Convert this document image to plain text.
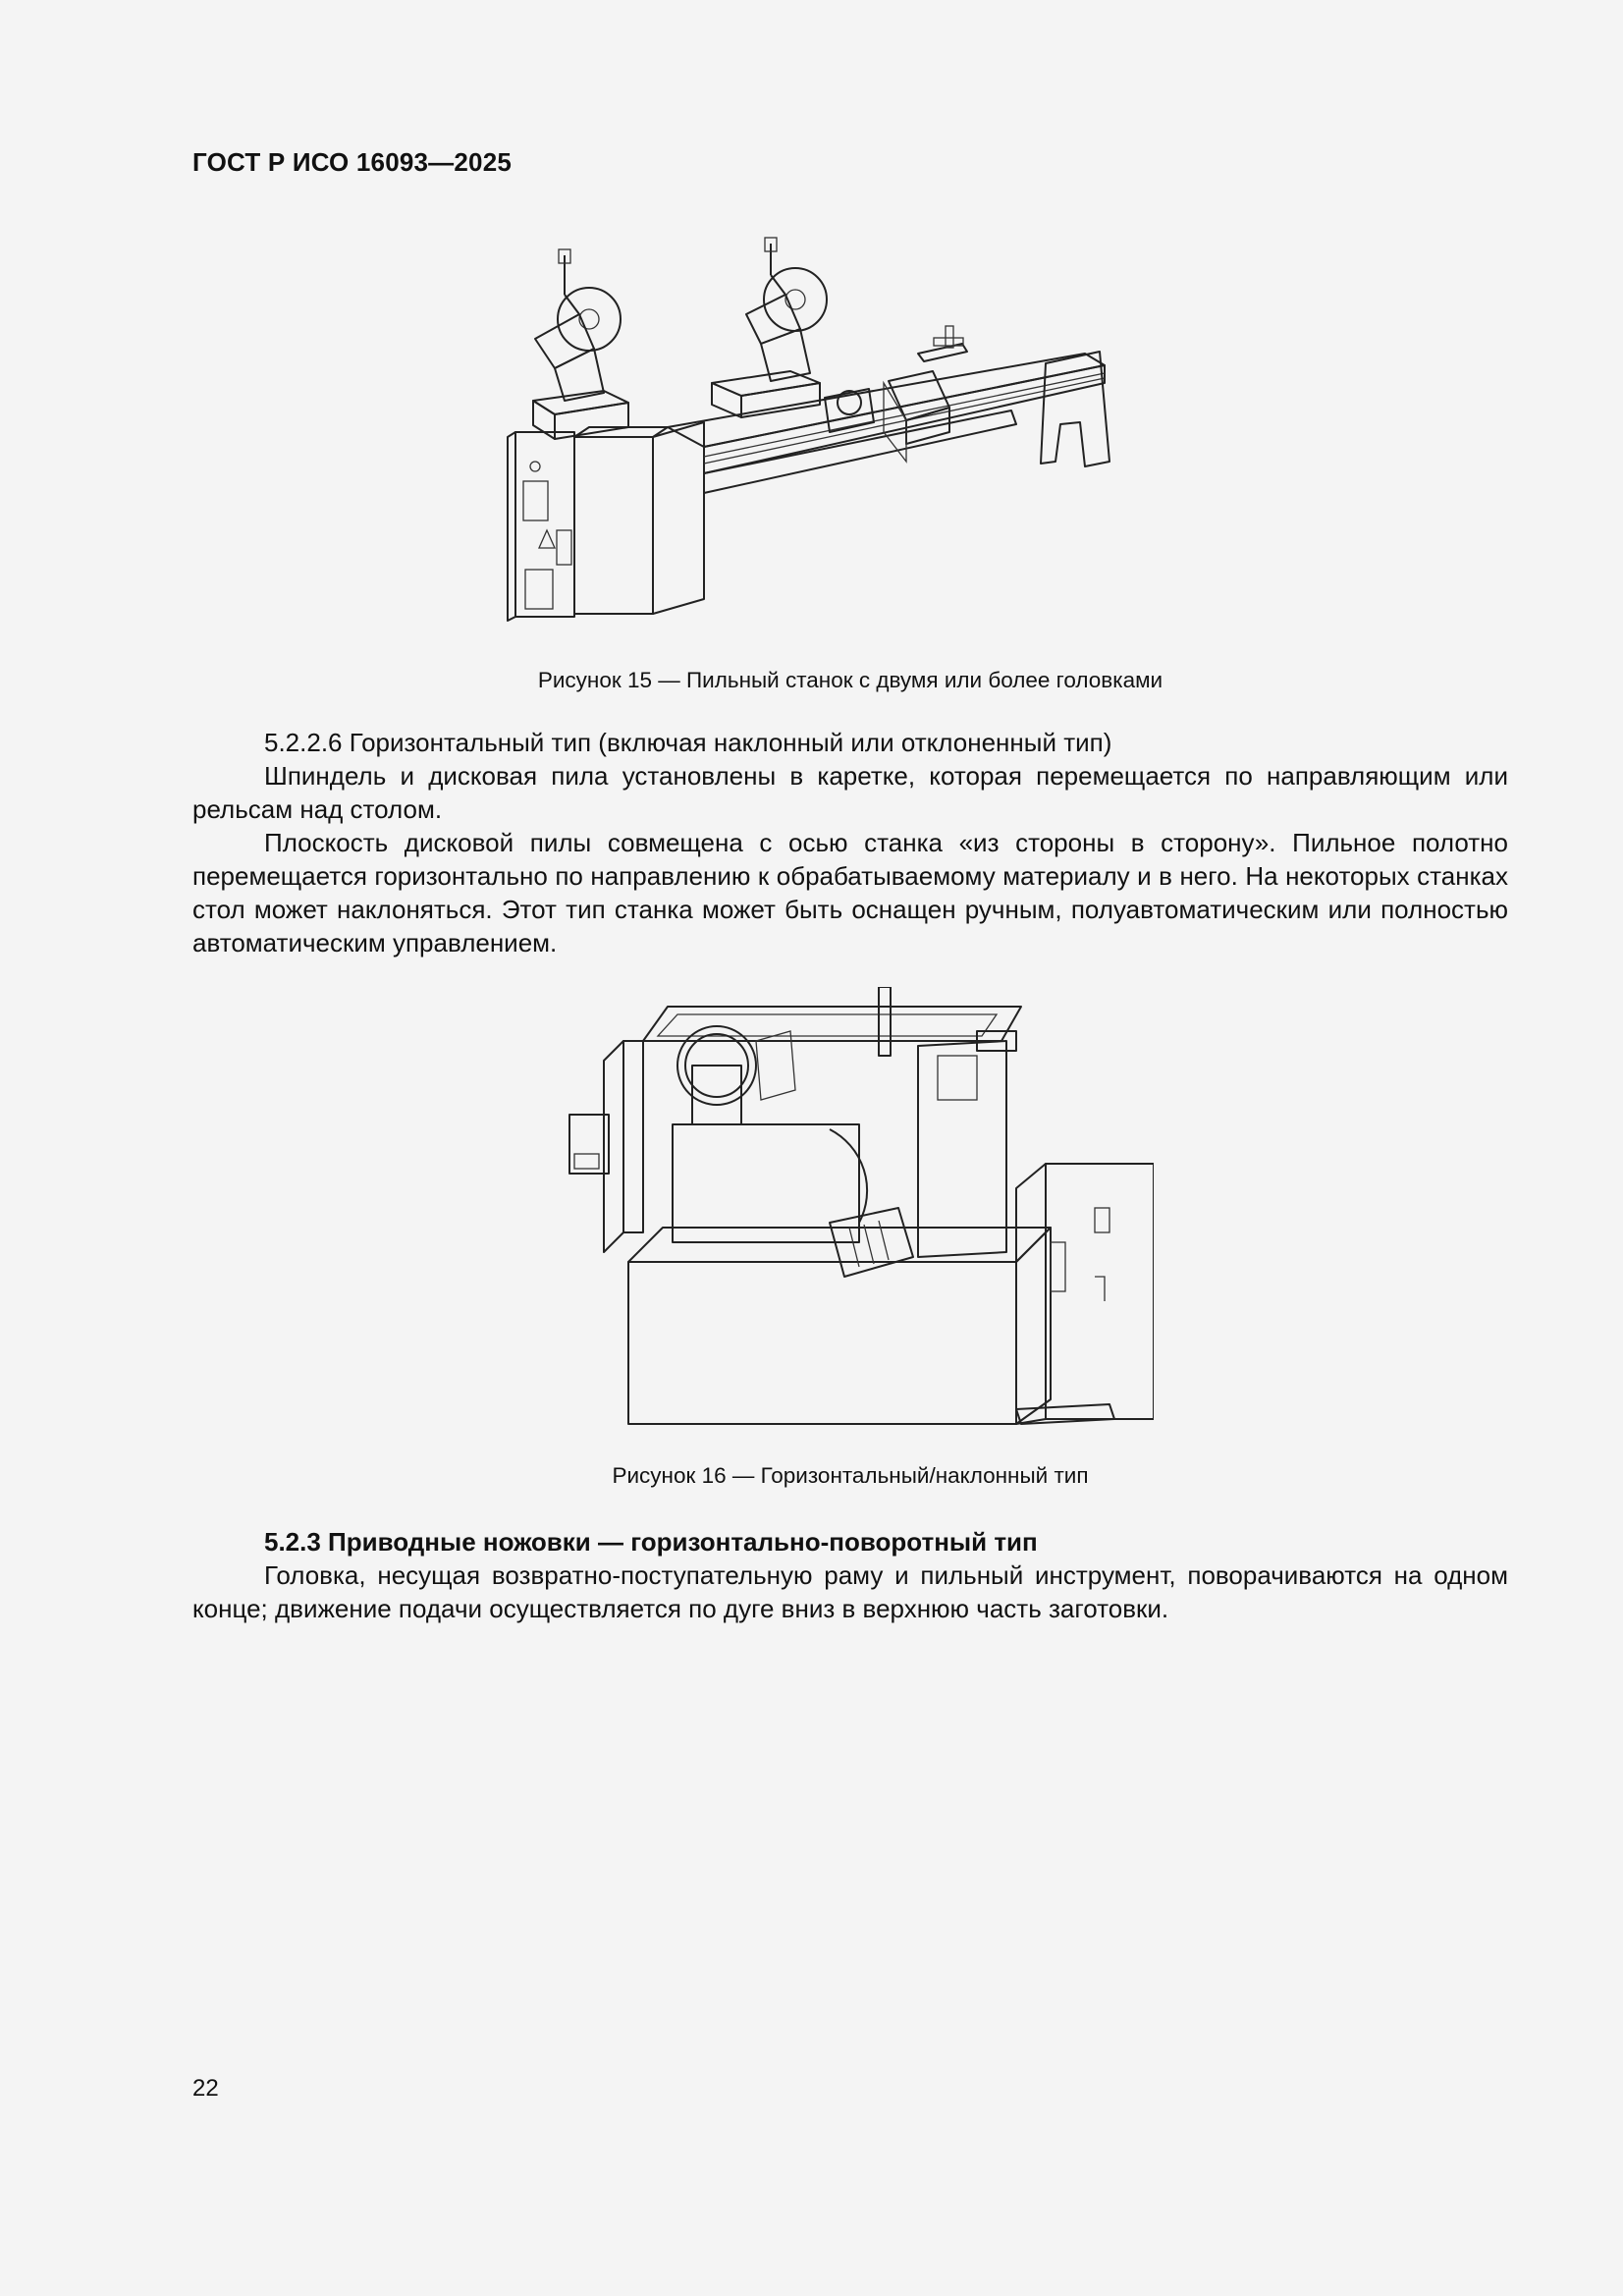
ГОСТ Р ИСО 16093—2025
Рисунок 15 — Пильный станок с двумя или более головками

5.2.2.6 Горизонтальный тип (включая наклонный или отклоненный тип)

Шпиндель и дисковая пила установлены в каретке, которая перемещается по направляющим или рельсам над столом.

Плоскость дисковой пилы совмещена с осью станка «из стороны в сторону». Пильное полотно перемещается горизонтально по направлению к обрабатываемому материалу и в него. На некоторых станках стол может наклоняться. Этот тип станка может быть оснащен ручным, полуавтоматическим или полностью автоматическим управлением.

Рисунок 16 — Горизонтальный/наклонный тип

5.2.3 Приводные ножовки — горизонтально-поворотный тип

Головка, несущая возвратно-поступательную раму и пильный инструмент, поворачиваются на одном конце; движение подачи осуществляется по дуге вниз в верхнюю часть заготовки.

22
